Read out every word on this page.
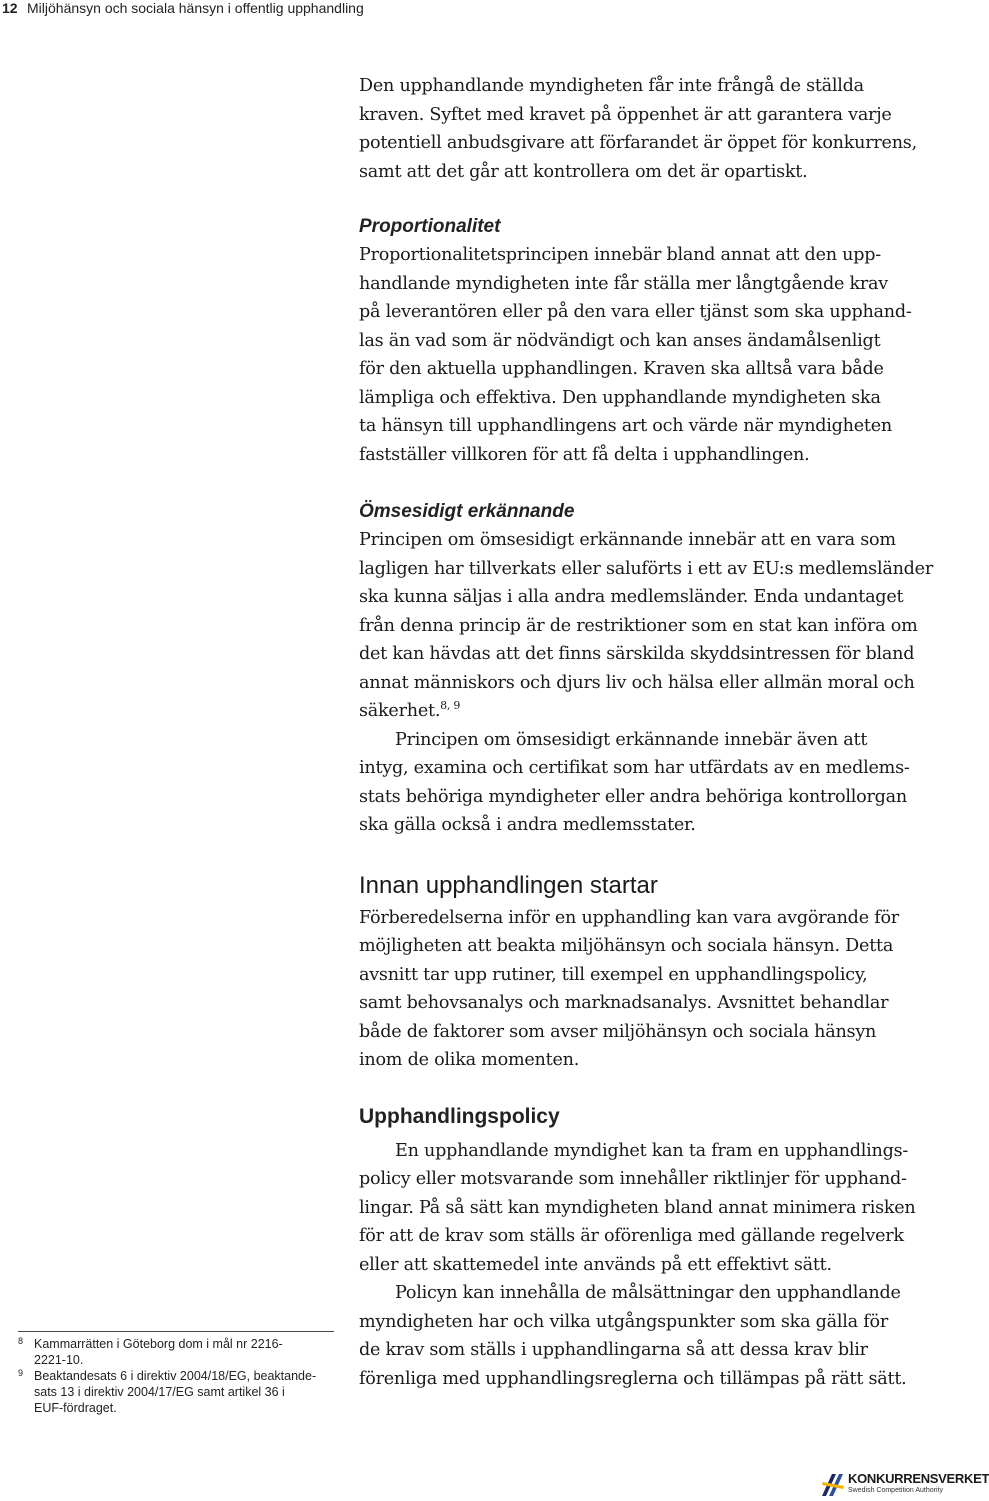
12 Miljöhänsyn och sociala hänsyn i offentlig upphandling

Den upphandlande myndigheten får inte frångå de ställda
kraven. Syftet med kravet på öppenhet är att garantera varje
potentiell anbudsgivare att förfarandet är öppet för konkurrens,
samt att det går att kontrollera om det är opartiskt.

Proportionalitet

Proportionalitetsprincipen innebär bland annat att den upp-
handlande myndigheten inte får ställa mer långtgående krav
på leverantören eller på den vara eller tjänst som ska upphand-
las än vad som är nödvändigt och kan anses ändamålsenligt
för den aktuella upphandlingen. Kraven ska alltså vara både
lämpliga och effektiva. Den upphandlande myndigheten ska
ta hänsyn till upphandlingens art och värde när myndigheten
fastställer villkoren för att få delta i upphandlingen.

Ömsesidigt erkännande

Principen om ömsesidigt erkännande innebär att en vara som
lagligen har tillverkats eller saluförts i ett av EU:s medlemsländer
ska kunna säljas i alla andra medlemsländer. Enda undantaget
från denna princip är de restriktioner som en stat kan införa om
det kan hävdas att det finns särskilda skyddsintressen för bland
annat människors och djurs liv och hälsa eller allmän moral och
säkerhet.$^{8, 9}$

Principen om ömsesidigt erkännande innebär även att

intyg, examina och certifikat som har utfärdats av en medlems-
stats behöriga myndigheter eller andra behöriga kontrollorgan
ska gälla också i andra medlemsstater.

Innan upphandlingen startar

Förberedelserna inför en upphandling kan vara avgörande för
möjligheten att beakta miljöhänsyn och sociala hänsyn. Detta
avsnitt tar upp rutiner, till exempel en upphandlingspolicy,
samt behovsanalys och marknadsanalys. Avsnittet behandlar
både de faktorer som avser miljöhänsyn och sociala hänsyn
inom de olika momenten.

Upphandlingspolicy

En upphandlande myndighet kan ta fram en upphandlings-
policy eller motsvarande som innehåller riktlinjer för upphand-
lingar. På så sätt kan myndigheten bland annat minimera risken
för att de krav som ställs är oförenliga med gällande regelverk
eller att skattemedel inte används på ett effektivt sätt.

Policyn kan innehålla de målsättningar den upphandlande
myndigheten har och vilka utgångspunkter som ska gälla för
de krav som ställs i upphandlingarna så att dessa krav blir
förenliga med upphandlingsreglerna och tillämpas på rätt sätt.

8 Kammarrätten i Göteborg dom i mål nr 2216-
2221-10.
9 Beaktandesats 6 i direktiv 2004/18/EG, beaktande-
sats 13 i direktiv 2004/17/EG samt artikel 36 i
EUF-fördraget.
KONKURRENSVERKET
Swedish Competition Authority
